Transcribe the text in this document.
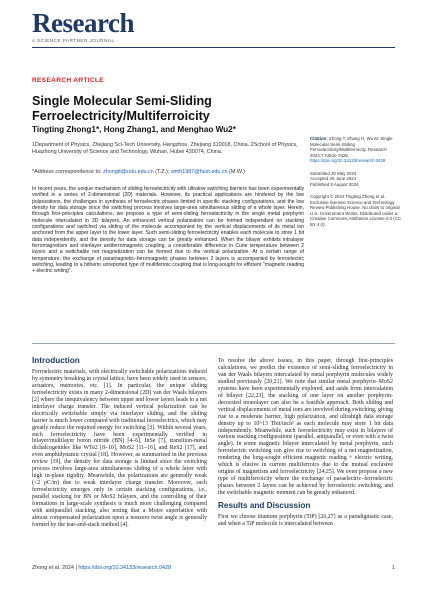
Research
A SCIENCE PARTNER JOURNAL
RESEARCH ARTICLE
Single Molecular Semi-Sliding Ferroelectricity/Multiferroicity
Tingting Zhong1*, Hong Zhang1, and Menghao Wu2*
1Department of Physics, Zhejiang Sci-Tech University, Hangzhou, Zhejiang 310018, China. 2School of Physics, Huazhong University of Science and Technology, Wuhan, Hubei 430074, China.
*Address correspondence to: zhongtt@zstu.edu.cn (T.Z.); wmh1987@hust.edu.cn (M.W.)
Citation: Zhong T, Zhang H, Wu M. Single Molecular Semi-Sliding Ferroelectricity/Multiferroicity. Research 2024;7:Article 0428. https://doi.org/10.34133/research.0428
Submitted 20 May 2024
Accepted 25 June 2024
Published 5 August 2024
Copyright © 2024 Tingting Zhong et al. Exclusive licensee Science and Technology Review Publishing House. No claim to original U.S. Government Works. Distributed under a Creative Commons Attribution License 4.0 (CC BY 4.0).
In recent years, the unique mechanism of sliding ferroelectricity with ultralow switching barriers has been experimentally verified in a series of 2-dimensional (2D) materials. However, its practical applications are hindered by the low polarizations, the challenges in synthesis of ferroelectric phases limited in specific stacking configurations, and the low density for data storage since the switching process involves large-area simultaneous sliding of a whole layer. Herein, through first-principles calculations, we propose a type of semi-sliding ferroelectricity in the single metal porphyrin molecule intercalated in 2D bilayers. An enhanced vertical polarization can be formed independent on stacking configurations and switched via sliding of the molecule accompanied by the vertical displacements of its metal ion anchored from the upper layer to the lower layer. Such semi-sliding ferroelectricity enables each molecule to store 1 bit data independently, and the density for data storage can be greatly enhanced. When the bilayer exhibits intralayer ferromagnetism and interlayer antiferromagnetic coupling, a considerable difference in Curie temperature between 2 layers and a switchable net magnetization can be formed due to the vertical polarization. At a certain range of temperature, the exchange of paramagnetic–ferromagnetic phases between 2 layers is accompanied by ferroelectric switching, leading to a hitherto unreported type of multiferroic coupling that is long-sought for efficient "magnetic reading + electric writing".
Introduction

Ferroelectric materials, with electrically switchable polarizations induced by symmetry breaking in crystal lattice, have been widely used in sensors, actuators, memories, etc. [1]. In particular, the unique sliding ferroelectricity exists in many 2-dimensional (2D) van der Waals bilayers [2] where the inequivalency between upper and lower layers leads to a net interlayer charge transfer. The induced vertical polarization can be electrically switchable simply via interlayer sliding, and the sliding barrier is much lower compared with traditional ferroelectrics, which may greatly reduce the required energy for switching [3]. Within several years, such ferroelectricity have been experimentally verified in bilayer/multilayer boron nitride (BN) [4–6], InSe [7], transition-metal dichalcogenides like WTe2 [8–10], MoS2 [11–16], and ReS2 [17], and even amphidynamic crystal [18]. However, as summarized in the previous review [19], the density for data storage is limited since the switching process involves large-area simultaneous sliding of a whole layer with high in-plane rigidity. Meanwhile, the polarizations are generally weak (<2 pC/m) due to weak interlayer charge transfer. Moreover, such ferroelectricity emerges only in certain stacking configurations, i.e., parallel stacking for BN or MoS2 bilayers, and the controlling of their formations in large-scale synthesis is much more challenging compared with antiparallel stacking, also noting that a Moire superlattice with almost compensated polarization upon a nonzero twist angle is generally formed by the tear-and-stack method [4].

To resolve the above issues, in this paper, through first-principles calculations, we predict the existence of semi-sliding ferroelectricity in van der Waals bilayers intercalated by metal porphyrin molecules widely studied previously [20,21]. We note that similar metal porphyrin–MoS2 systems have been experimentally explored, and aside from intercalation of bilayer [22,23], the stacking of one layer on another porphyrin-decorated monolayer can also be a feasible approach. Both sliding and vertical displacements of metal ions are involved during switching, giving rise to a moderate barrier, high polarization, and ultrahigh data storage density up to 10^13 Tbit/inch² as each molecule may store 1 bit data independently. Meanwhile, such ferroelectricity may exist in bilayers of various stacking configurations (parallel, antiparallel, or even with a twist angle). In some magnetic bilayer intercalated by metal porphyrin, such ferroelectric switching can give rise to switching of a net magnetization, rendering the long-sought efficient magnetic reading + electric writing, which is elusive in current multiferroics due to the mutual exclusive origins of magnetism and ferroelectricity [24,25]. We even propose a new type of multiferroicity where the exchange of paraelectric–ferroelectric phases between 2 layers can be achieved by ferroelectric switching, and the switchable magnetic moment can be greatly enhanced.

Results and Discussion

First we choose titanium porphyrin (TiP) [26,27] as a paradigmatic case, and when a TiP molecule is intercalated between

Zhong et al. 2024 | https://doi.org/10.34133/research.0428	1
